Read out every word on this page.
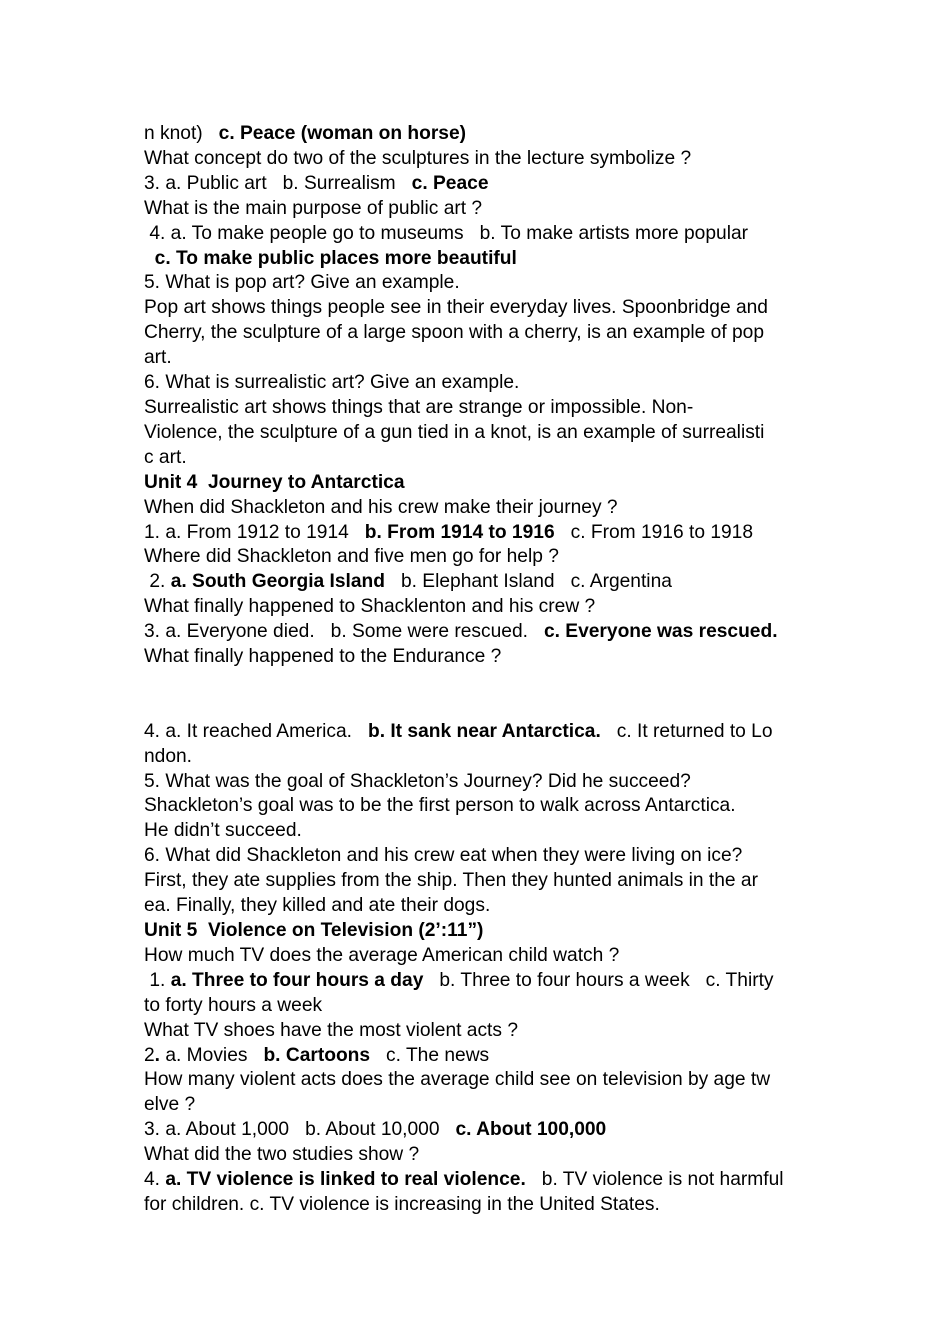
n knot)   c. Peace (woman on horse)
What concept do two of the sculptures in the lecture symbolize ?
3. a. Public art   b. Surrealism   c. Peace
What is the main purpose of public art ?
4. a. To make people go to museums   b. To make artists more popular
c. To make public places more beautiful
5. What is pop art? Give an example.
Pop art shows things people see in their everyday lives. Spoonbridge and
Cherry, the sculpture of a large spoon with a cherry, is an example of pop
art.
6. What is surrealistic art? Give an example.
Surrealistic art shows things that are strange or impossible. Non-
Violence, the sculpture of a gun tied in a knot, is an example of surrealisti
c art.
Unit 4  Journey to Antarctica
When did Shackleton and his crew make their journey ?
1. a. From 1912 to 1914   b. From 1914 to 1916   c. From 1916 to 1918
Where did Shackleton and five men go for help ?
2. a. South Georgia Island   b. Elephant Island   c. Argentina
What finally happened to Shacklenton and his crew ?
3. a. Everyone died.   b. Some were rescued.   c. Everyone was rescued.
What finally happened to the Endurance ?
4. a. It reached America.   b. It sank near Antarctica.   c. It returned to Lo
ndon.
5. What was the goal of Shackleton’s Journey? Did he succeed?
Shackleton’s goal was to be the first person to walk across Antarctica.
He didn’t succeed.
6. What did Shackleton and his crew eat when they were living on ice?
First, they ate supplies from the ship. Then they hunted animals in the ar
ea. Finally, they killed and ate their dogs.
Unit 5  Violence on Television (2’:11”)
How much TV does the average American child watch ?
1. a. Three to four hours a day   b. Three to four hours a week   c. Thirty
to forty hours a week
What TV shoes have the most violent acts ?
2. a. Movies   b. Cartoons   c. The news
How many violent acts does the average child see on television by age tw
elve ?
3. a. About 1,000   b. About 10,000   c. About 100,000
What did the two studies show ?
4. a. TV violence is linked to real violence.   b. TV violence is not harmful
for children. c. TV violence is increasing in the United States.
